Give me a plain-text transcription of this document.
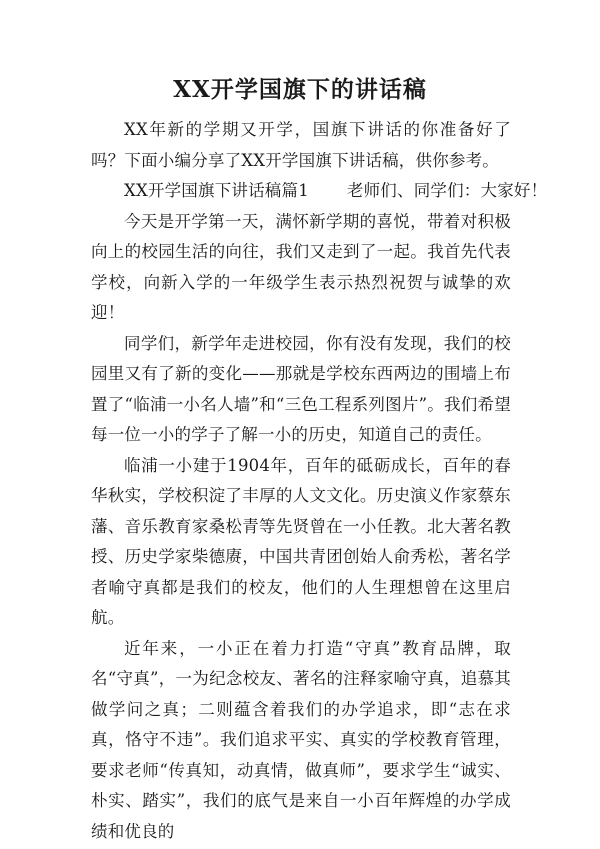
XX开学国旗下的讲话稿

XX年新的学期又开学，国旗下讲话的你准备好了吗？下面小编分享了XX开学国旗下讲话稿，供你参考。

XX开学国旗下讲话稿篇1 老师们、同学们：大家好！

今天是开学第一天，满怀新学期的喜悦，带着对积极向上的校园生活的向往，我们又走到了一起。我首先代表学校，向新入学的一年级学生表示热烈祝贺与诚挚的欢迎！

同学们，新学年走进校园，你有没有发现，我们的校园里又有了新的变化——那就是学校东西两边的围墙上布置了“临浦一小名人墙”和“三色工程系列图片”。我们希望每一位一小的学子了解一小的历史，知道自己的责任。

临浦一小建于1904年，百年的砥砺成长，百年的春华秋实，学校积淀了丰厚的人文文化。历史演义作家蔡东藩、音乐教育家桑松青等先贤曾在一小任教。北大著名教授、历史学家柴德赓，中国共青团创始人俞秀松，著名学者喻守真都是我们的校友，他们的人生理想曾在这里启航。

近年来，一小正在着力打造“守真”教育品牌，取名“守真”，一为纪念校友、著名的注释家喻守真，追慕其做学问之真；二则蕴含着我们的办学追求，即“志在求真，恪守不违”。我们追求平实、真实的学校教育管理，要求老师“传真知，动真情，做真师”，要求学生“诚实、朴实、踏实”，我们的底气是来自一小百年辉煌的办学成绩和优良的
